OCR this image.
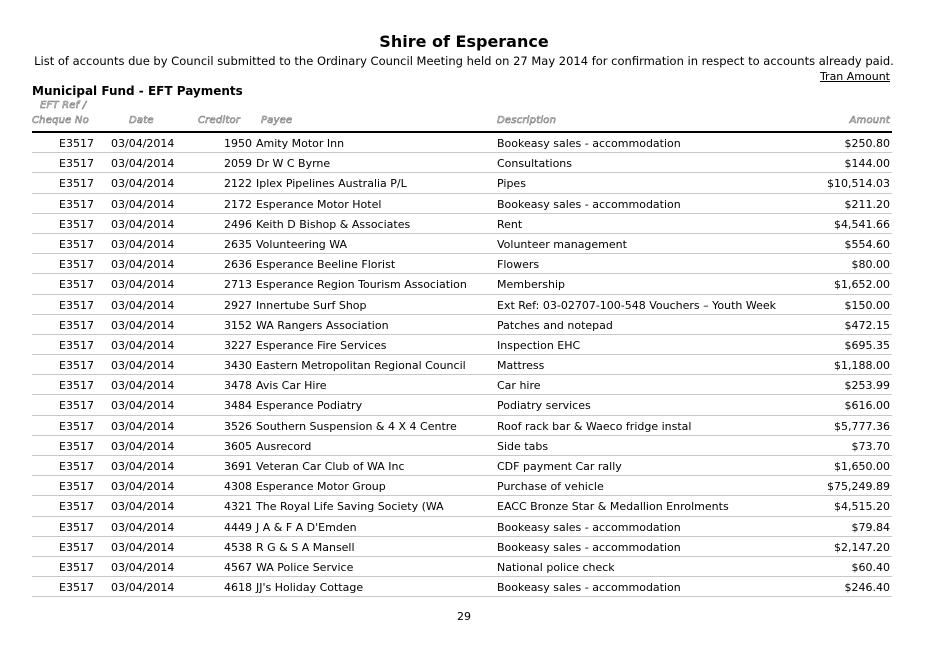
Shire of Esperance
List of accounts due by Council submitted to the Ordinary Council Meeting held on 27 May 2014 for confirmation in respect to accounts already paid.
Tran Amount
Municipal Fund - EFT Payments
EFT Ref /
Cheque No	Date	Creditor Payee	Description	Amount
E3517 03/04/2014	1950 Amity Motor Inn	Bookeasy sales - accommodation	$250.80
E3517 03/04/2014	2059 Dr W C Byrne	Consultations	$144.00
E3517 03/04/2014	2122 Iplex Pipelines Australia P/L	Pipes	$10,514.03
E3517 03/04/2014	2172 Esperance Motor Hotel	Bookeasy sales - accommodation	$211.20
E3517 03/04/2014	2496 Keith D Bishop & Associates	Rent	$4,541.66
E3517 03/04/2014	2635 Volunteering WA	Volunteer management	$554.60
E3517 03/04/2014	2636 Esperance Beeline Florist	Flowers	$80.00
E3517 03/04/2014	2713 Esperance Region Tourism Association	Membership	$1,652.00
E3517 03/04/2014	2927 Innertube Surf Shop	Ext Ref: 03-02707-100-548 Vouchers – Youth Week	$150.00
E3517 03/04/2014	3152 WA Rangers Association	Patches and notepad	$472.15
E3517 03/04/2014	3227 Esperance Fire Services	Inspection EHC	$695.35
E3517 03/04/2014	3430 Eastern Metropolitan Regional Council	Mattress	$1,188.00
E3517 03/04/2014	3478 Avis Car Hire	Car hire	$253.99
E3517 03/04/2014	3484 Esperance Podiatry	Podiatry services	$616.00
E3517 03/04/2014	3526 Southern Suspension & 4 X 4 Centre	Roof rack bar & Waeco fridge instal	$5,777.36
E3517 03/04/2014	3605 Ausrecord	Side tabs	$73.70
E3517 03/04/2014	3691 Veteran Car Club of WA Inc	CDF payment Car rally	$1,650.00
E3517 03/04/2014	4308 Esperance Motor Group	Purchase of vehicle	$75,249.89
E3517 03/04/2014	4321 The Royal Life Saving Society (WA	EACC Bronze Star & Medallion Enrolments	$4,515.20
E3517 03/04/2014	4449 J A & F A D'Emden	Bookeasy sales - accommodation	$79.84
E3517 03/04/2014	4538 R G & S A Mansell	Bookeasy sales - accommodation	$2,147.20
E3517 03/04/2014	4567 WA Police Service	National police check	$60.40
E3517 03/04/2014	4618 JJ's Holiday Cottage	Bookeasy sales - accommodation	$246.40
29
